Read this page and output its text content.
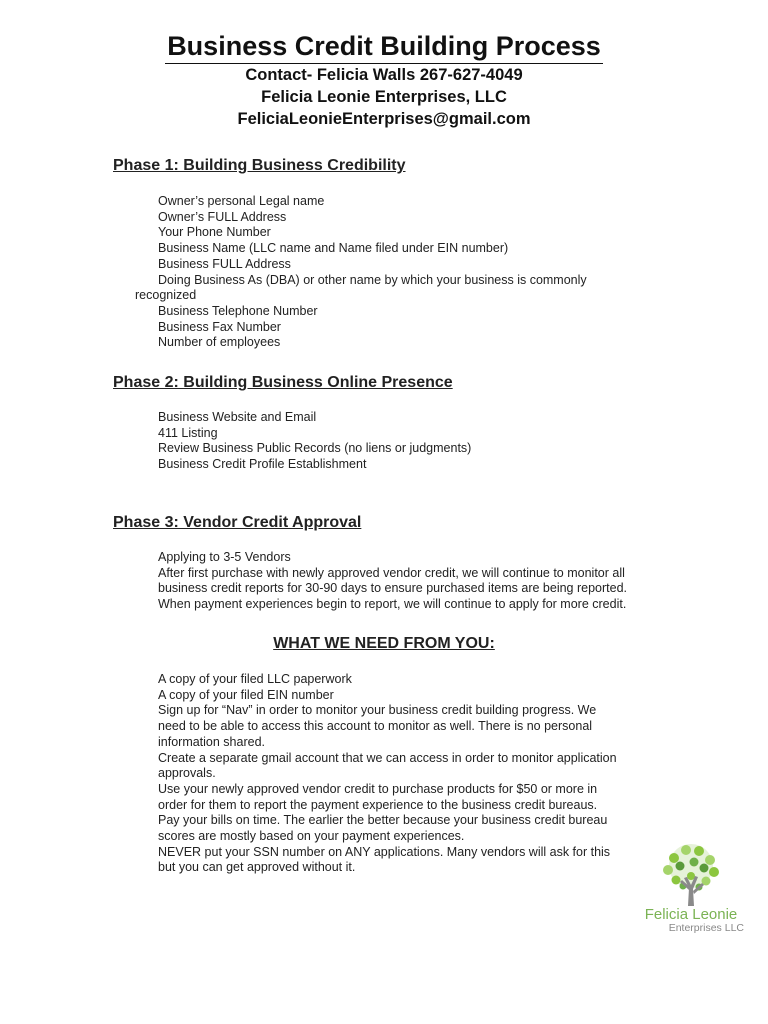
Business Credit Building Process
Contact- Felicia Walls 267-627-4049
Felicia Leonie Enterprises, LLC
FeliciaLeonieEnterprises@gmail.com
Phase 1: Building Business Credibility
Owner’s personal Legal name
Owner’s FULL Address
Your Phone Number
Business Name (LLC name and Name filed under EIN number)
Business FULL Address
Doing Business As (DBA) or other name by which your business is commonly
recognized
Business Telephone Number
Business Fax Number
Number of employees
Phase 2: Building Business Online Presence
Business Website and Email
411 Listing
Review Business Public Records (no liens or judgments)
Business Credit Profile Establishment
Phase 3: Vendor Credit Approval
Applying to 3-5 Vendors
After first purchase with newly approved vendor credit, we will continue to monitor all
business credit reports for 30-90 days to ensure purchased items are being reported.
When payment experiences begin to report, we will continue to apply for more credit.
WHAT WE NEED FROM YOU:
A copy of your filed LLC paperwork
A copy of your filed EIN number
Sign up for “Nav” in order to monitor your business credit building progress. We
need to be able to access this account to monitor as well. There is no personal
information shared.
Create a separate gmail account that we can access in order to monitor application
approvals.
Use your newly approved vendor credit to purchase products for $50 or more in
order for them to report the payment experience to the business credit bureaus.
Pay your bills on time. The earlier the better because your business credit bureau
scores are mostly based on your payment experiences.
NEVER put your SSN number on ANY applications. Many vendors will ask for this
but you can get approved without it.
Felicia Leonie
Enterprises LLC
